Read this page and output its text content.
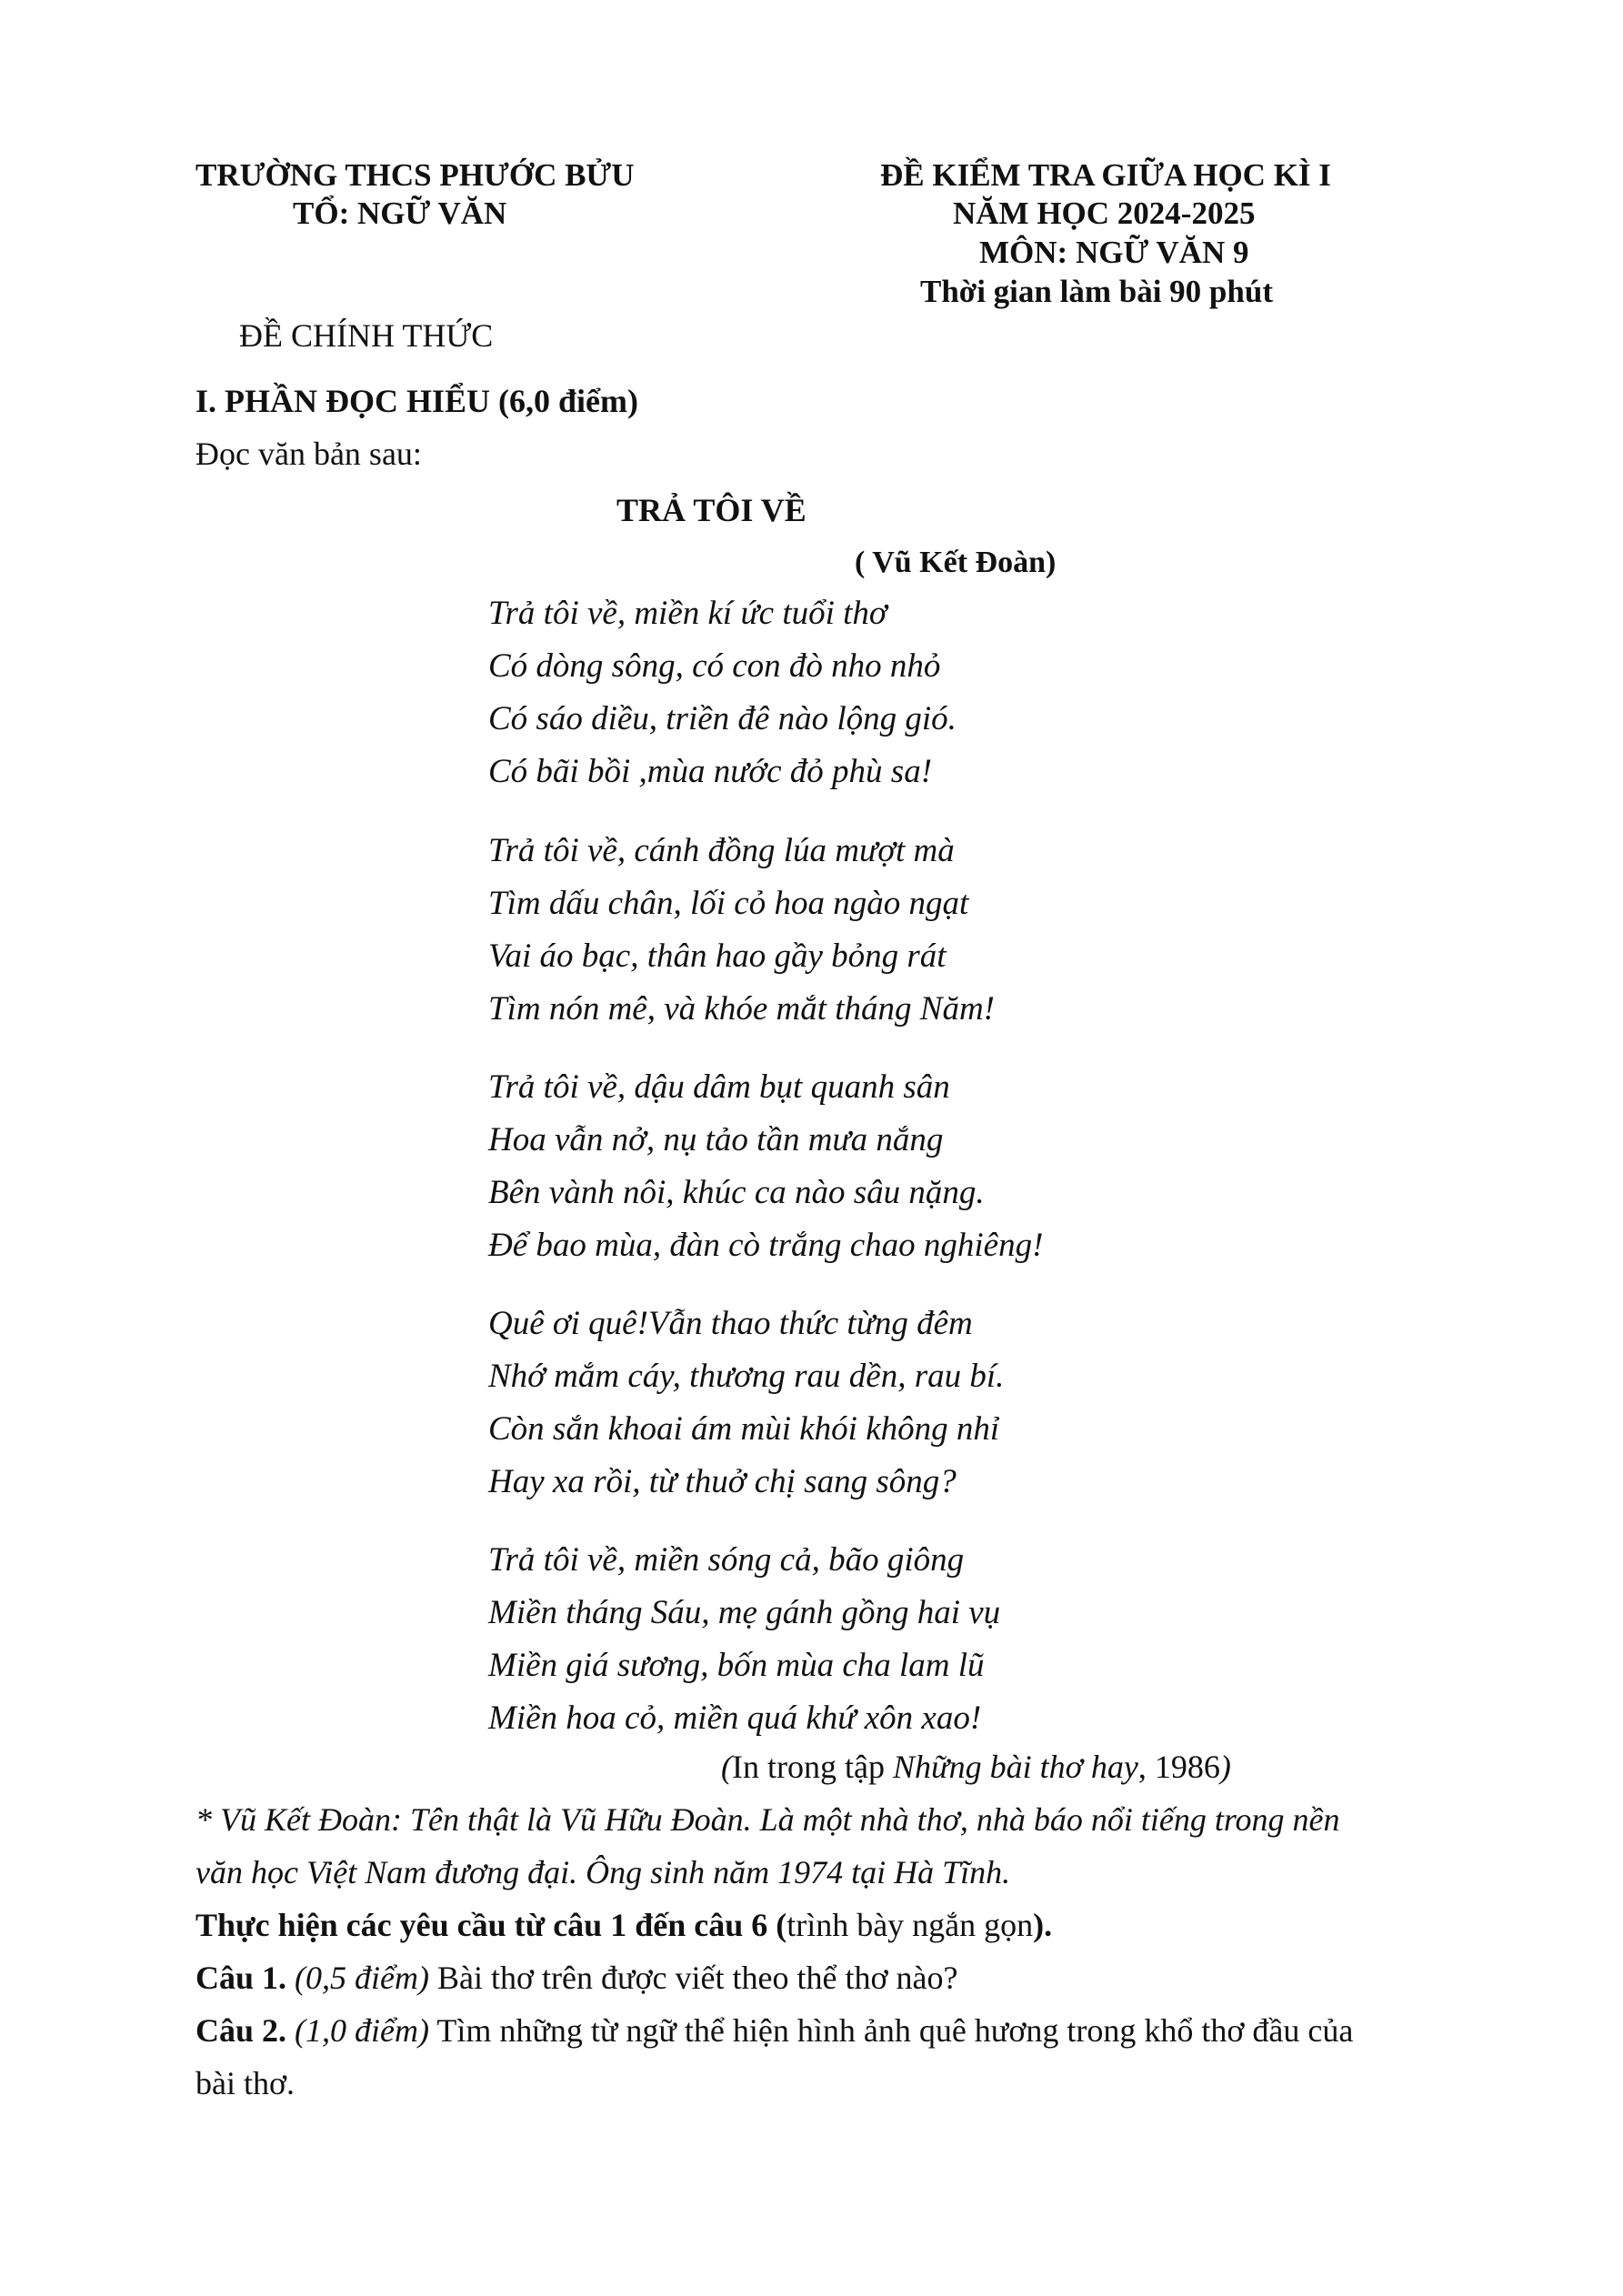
TRƯỜNG THCS PHƯỚC BỬU
TỔ: NGỮ VĂN
ĐỀ KIỂM TRA GIỮA HỌC KÌ I
NĂM HỌC 2024-2025
MÔN: NGỮ VĂN 9
Thời gian làm bài 90 phút
ĐỀ CHÍNH THỨC
I. PHẦN ĐỌC HIỂU (6,0 điểm)
Đọc văn bản sau:
TRẢ TÔI VỀ
( Vũ Kết Đoàn)
Trả tôi về, miền kí ức tuổi thơ
Có dòng sông, có con đò nho nhỏ
Có sáo diều, triền đê nào lộng gió.
Có bãi bồi ,mùa nước đỏ phù sa!
Trả tôi về, cánh đồng lúa mượt mà
Tìm dấu chân, lối cỏ hoa ngào ngạt
Vai áo bạc, thân hao gầy bỏng rát
Tìm nón mê, và khóe mắt tháng Năm!
Trả tôi về, dậu dâm bụt quanh sân
Hoa vẫn nở, nụ tảo tần mưa nắng
Bên vành nôi, khúc ca nào sâu nặng.
Để bao mùa, đàn cò trắng chao nghiêng!
Quê ơi quê!Vẫn thao thức từng đêm
Nhớ mắm cáy, thương rau dền, rau bí.
Còn sắn khoai ám mùi khói không nhỉ
Hay xa rồi, từ thuở chị sang sông?
Trả tôi về, miền sóng cả, bão giông
Miền tháng Sáu, mẹ gánh gồng hai vụ
Miền giá sương, bốn mùa cha lam lũ
Miền hoa cỏ, miền quá khứ xôn xao!
(In trong tập Những bài thơ hay, 1986)
* Vũ Kết Đoàn: Tên thật là Vũ Hữu Đoàn. Là một nhà thơ, nhà báo nổi tiếng trong nền
văn học Việt Nam đương đại. Ông sinh năm 1974 tại Hà Tĩnh.
Thực hiện các yêu cầu từ câu 1 đến câu 6 (trình bày ngắn gọn).
Câu 1. (0,5 điểm) Bài thơ trên được viết theo thể thơ nào?
Câu 2. (1,0 điểm) Tìm những từ ngữ thể hiện hình ảnh quê hương trong khổ thơ đầu của
bài thơ.
